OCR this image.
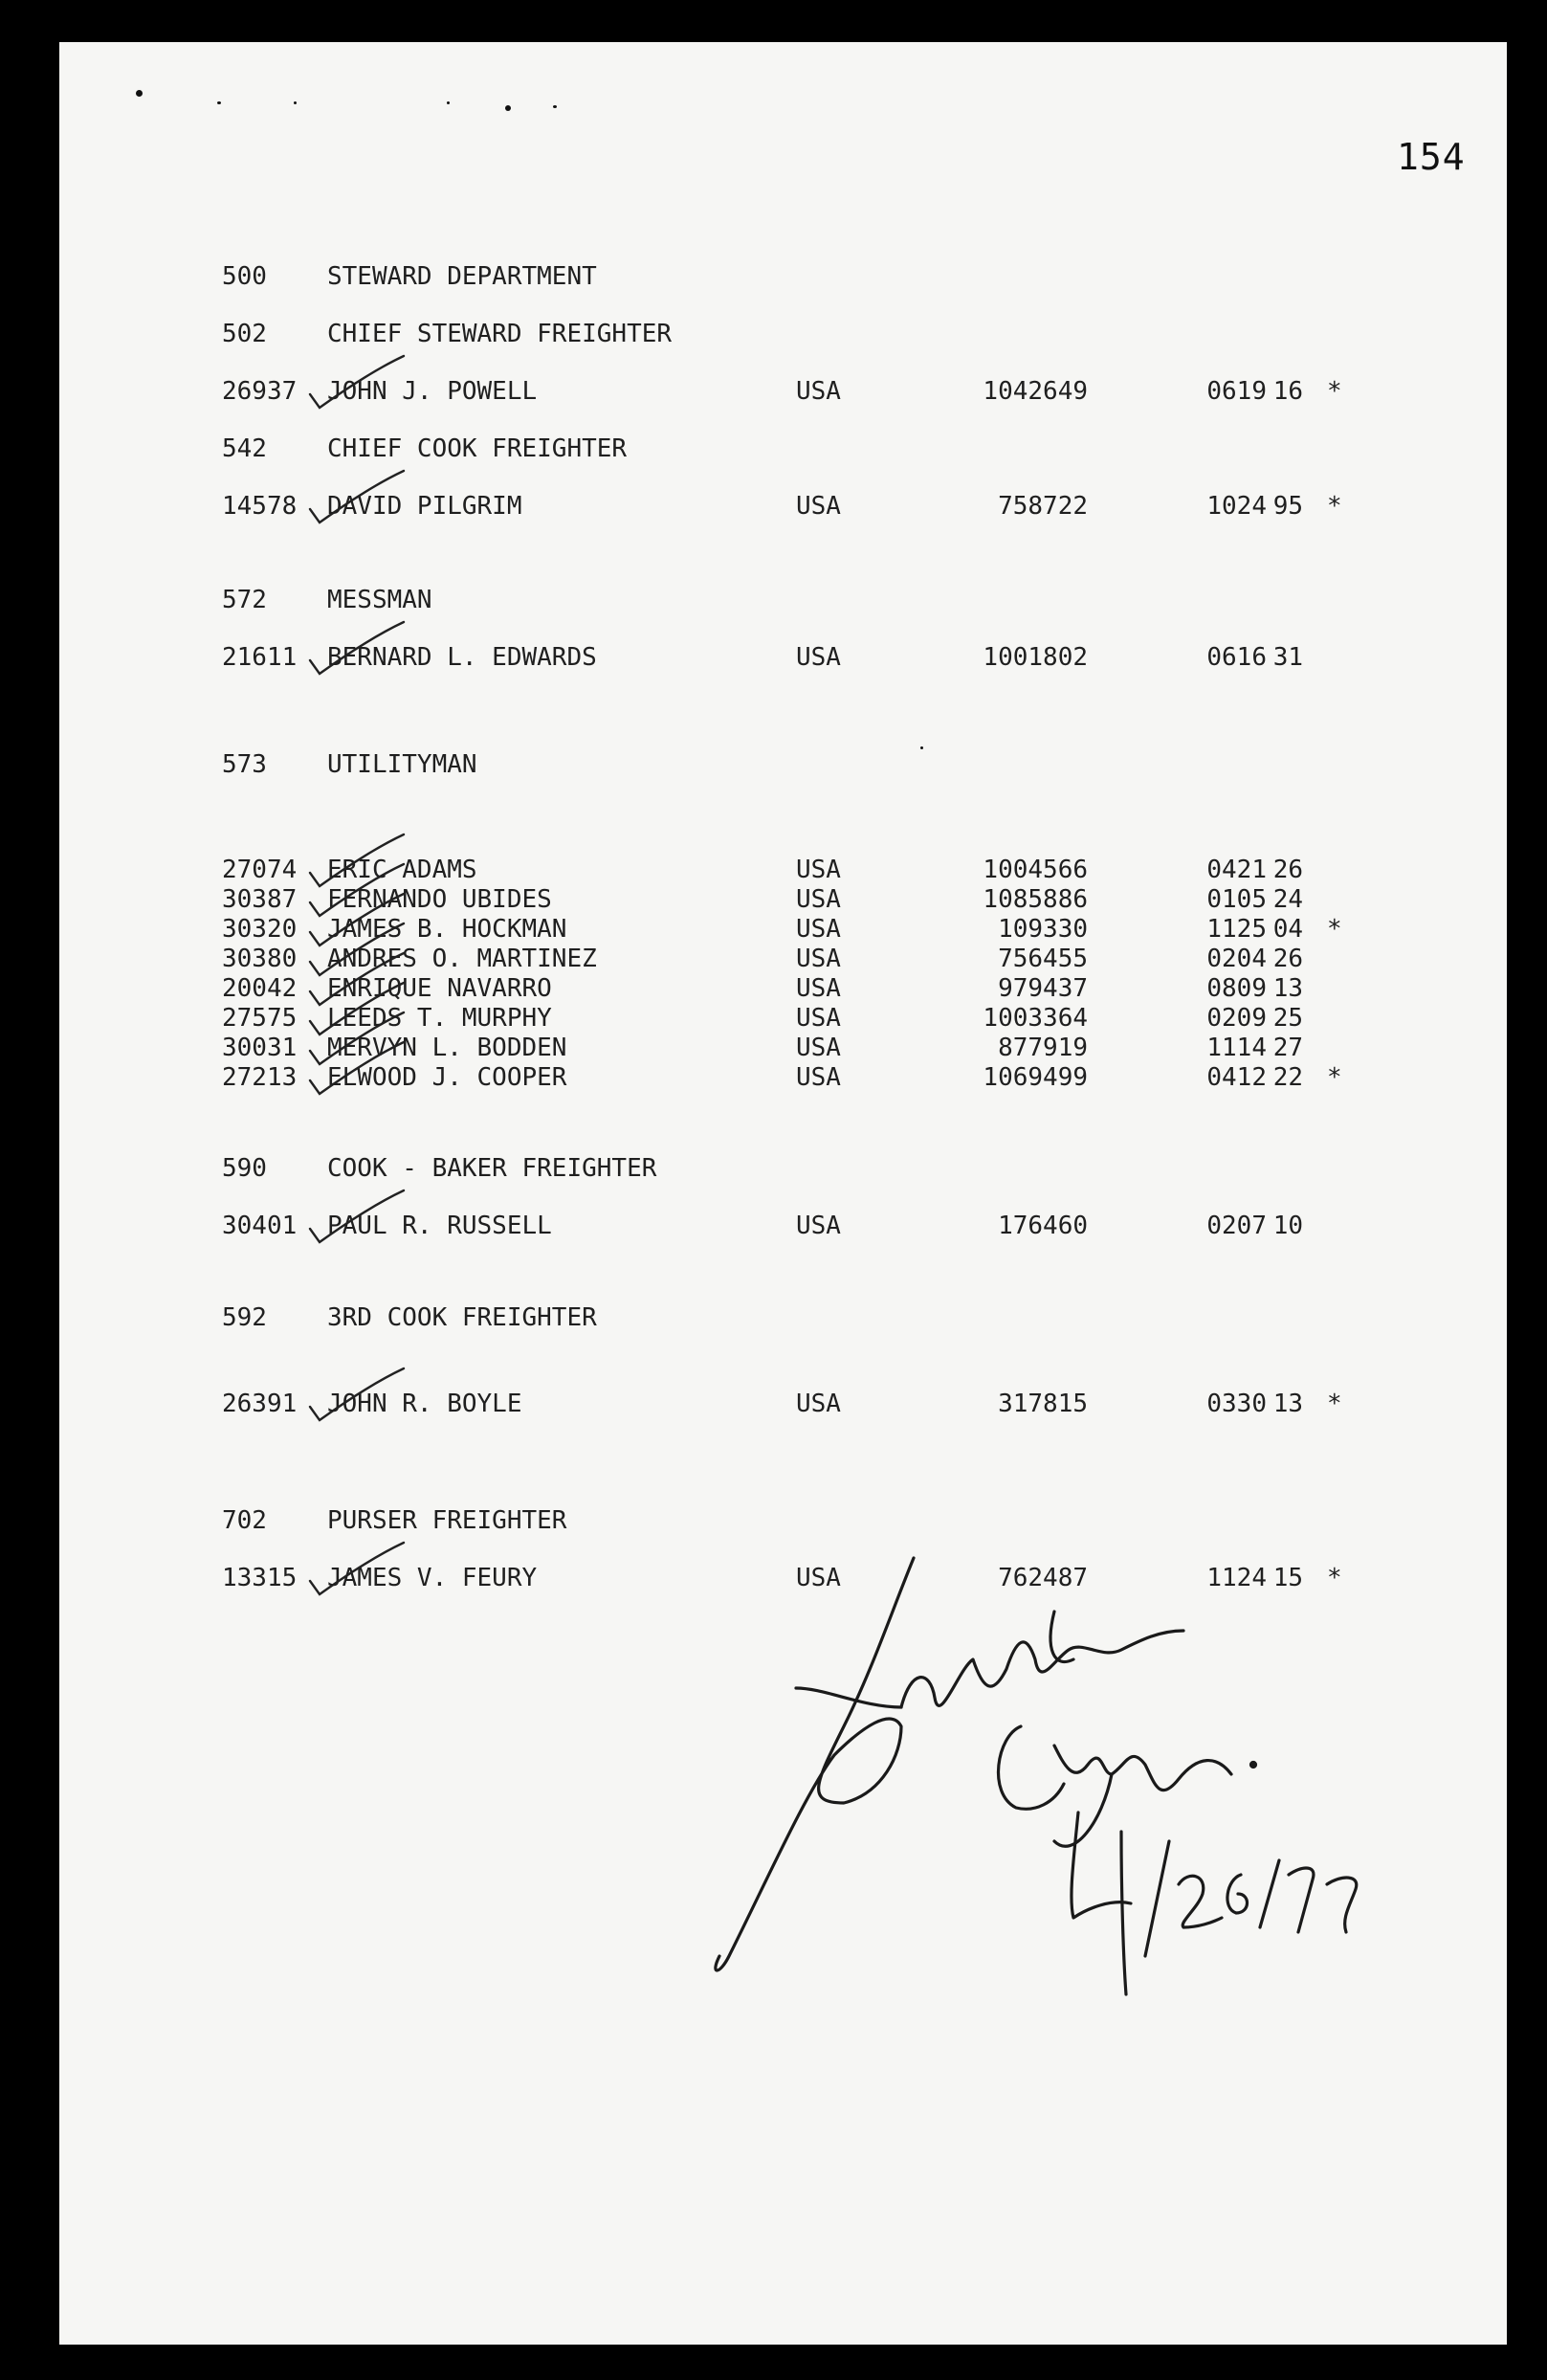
154
500 STEWARD DEPARTMENT
502 CHIEF STEWARD FREIGHTER
26937 JOHN J. POWELL	USA	1042649	0619 16 *
542 CHIEF COOK FREIGHTER
14578 DAVID PILGRIM	USA	758722	1024 95 *
572 MESSMAN
21611 BERNARD L. EDWARDS	USA	1001802	0616 31
573 UTILITYMAN
27074 ERIC ADAMS	USA	1004566	0421 26
30387 FERNANDO UBIDES	USA	1085886	0105 24
30320 JAMES B. HOCKMAN	USA	109330	1125 04 *
30380 ANDRES O. MARTINEZ	USA	756455	0204 26
20042 ENRIQUE NAVARRO	USA	979437	0809 13
27575 LEEDS T. MURPHY	USA	1003364	0209 25
30031 MERVYN L. BODDEN	USA	877919	1114 27
27213 ELWOOD J. COOPER	USA	1069499	0412 22 *
590 COOK - BAKER FREIGHTER
30401 PAUL R. RUSSELL	USA	176460	0207 10
592 3RD COOK FREIGHTER
26391 JOHN R. BOYLE	USA	317815	0330 13 *
702 PURSER FREIGHTER
13315 JAMES V. FEURY	USA	762487	1124 15 *
